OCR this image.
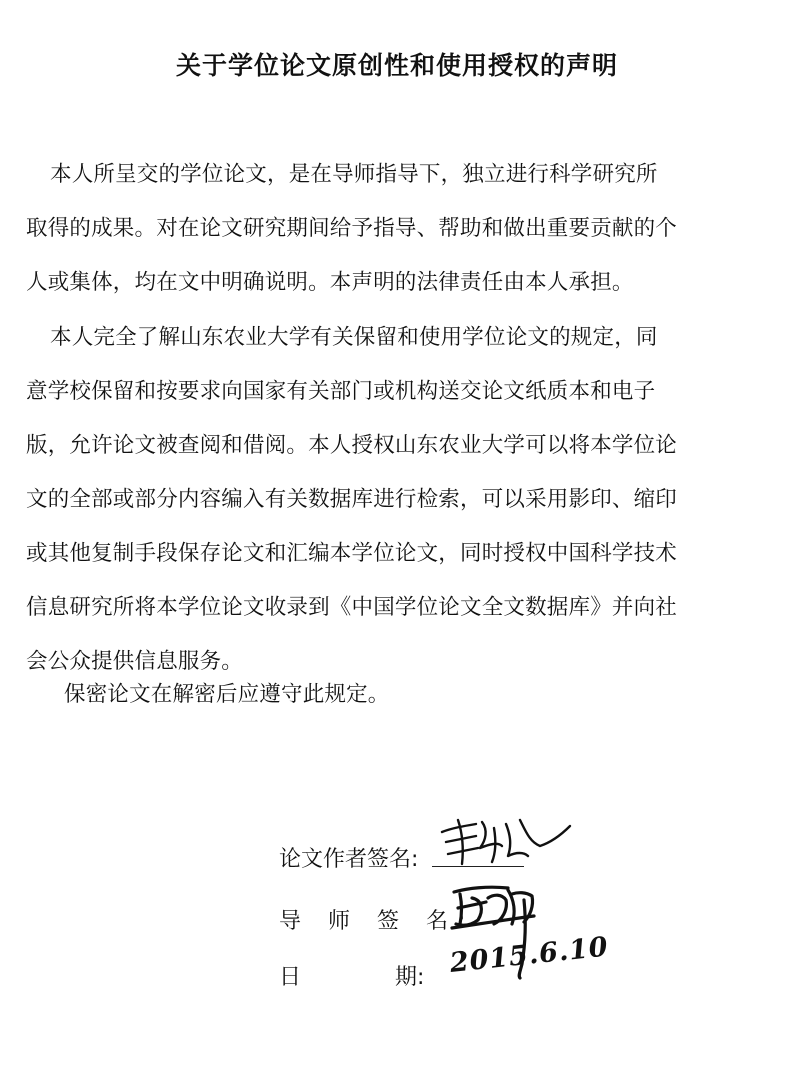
关于学位论文原创性和使用授权的声明

本人所呈交的学位论文，是在导师指导下，独立进行科学研究所
取得的成果。对在论文研究期间给予指导、帮助和做出重要贡献的个
人或集体，均在文中明确说明。本声明的法律责任由本人承担。

本人完全了解山东农业大学有关保留和使用学位论文的规定，同
意学校保留和按要求向国家有关部门或机构送交论文纸质本和电子
版，允许论文被查阅和借阅。本人授权山东农业大学可以将本学位论
文的全部或部分内容编入有关数据库进行检索，可以采用影印、缩印
或其他复制手段保存论文和汇编本学位论文，同时授权中国科学技术
信息研究所将本学位论文收录到《中国学位论文全文数据库》并向社
会公众提供信息服务。

保密论文在解密后应遵守此规定。

论文作者签名:
导 师 签 名:
日	期: 2015.6.10
